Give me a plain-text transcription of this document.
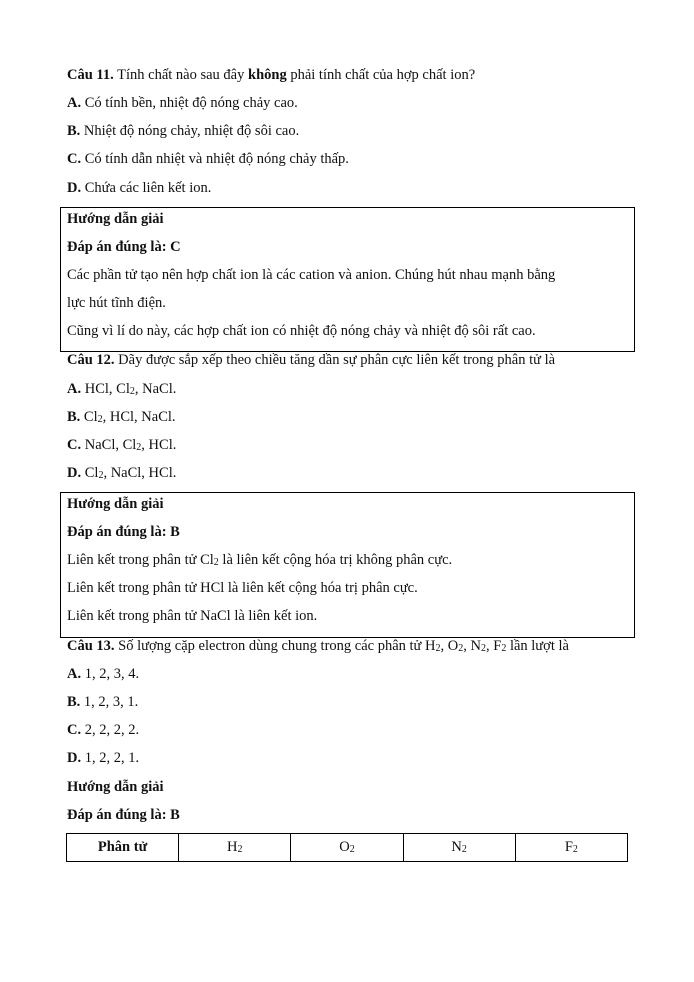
Câu 11. Tính chất nào sau đây không phải tính chất của hợp chất ion?
A. Có tính bền, nhiệt độ nóng chảy cao.
B. Nhiệt độ nóng chảy, nhiệt độ sôi cao.
C. Có tính dẫn nhiệt và nhiệt độ nóng chảy thấp.
D. Chứa các liên kết ion.
Hướng dẫn giải
Đáp án đúng là: C
Các phần tử tạo nên hợp chất ion là các cation và anion. Chúng hút nhau mạnh bằng
lực hút tĩnh điện.
Cũng vì lí do này, các hợp chất ion có nhiệt độ nóng chảy và nhiệt độ sôi rất cao.
Câu 12. Dãy được sắp xếp theo chiều tăng dần sự phân cực liên kết trong phân tử là
A. HCl, $Cl_2$, NaCl.
B. $Cl_2$, HCl, NaCl.
C. NaCl, $Cl_2$, HCl.
D. $Cl_2$, NaCl, HCl.
Hướng dẫn giải
Đáp án đúng là: B
Liên kết trong phân tử $Cl_2$ là liên kết cộng hóa trị không phân cực.
Liên kết trong phân tử HCl là liên kết cộng hóa trị phân cực.
Liên kết trong phân tử NaCl là liên kết ion.
Câu 13. Số lượng cặp electron dùng chung trong các phân tử $H_2$, $O_2$, $N_2$, $F_2$ lần lượt là
A. 1, 2, 3, 4.
B. 1, 2, 3, 1.
C. 2, 2, 2, 2.
D. 1, 2, 2, 1.
Hướng dẫn giải
Đáp án đúng là: B
Phân tử	$H_2$	$O_2$	$N_2$	$F_2$
